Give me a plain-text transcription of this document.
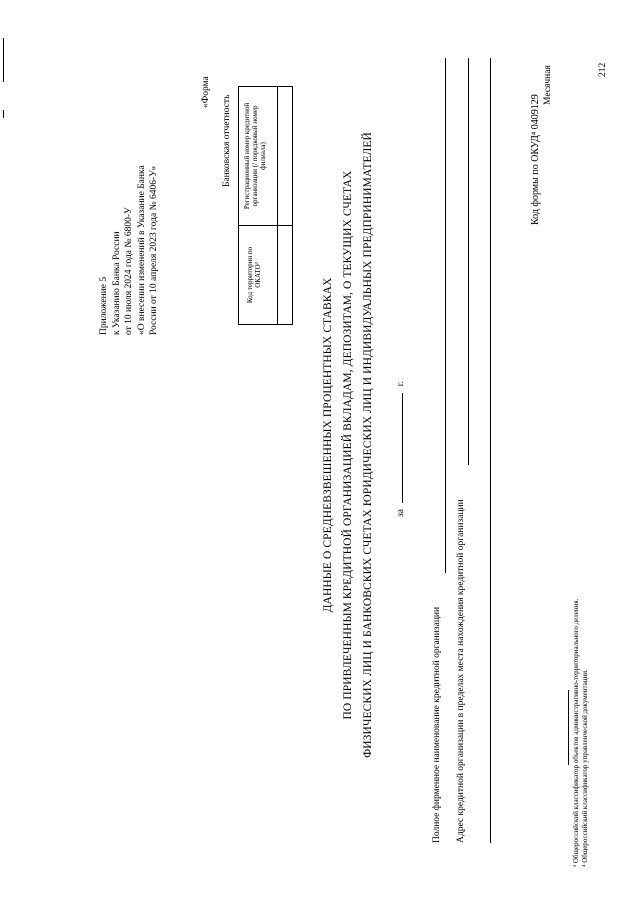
Приложение 5 к Указанию Банка России от 10 июля 2024 года № 6800-У «О внесении изменений в Указание Банка России от 10 апреля 2023 года № 6406-У»
«Форма
Банковская отчетность
Код территории по ОКАТО³
Регистрационный номер кредитной организации (/ порядковый номер филиала)
ДАННЫЕ О СРЕДНЕВЗВЕШЕННЫХ ПРОЦЕНТНЫХ СТАВКАХ ПО ПРИВЛЕЧЕННЫМ КРЕДИТНОЙ ОРГАНИЗАЦИЕЙ ВКЛАДАМ, ДЕПОЗИТАМ, О ТЕКУЩИХ СЧЕТАХ ФИЗИЧЕСКИХ ЛИЦ И БАНКОВСКИХ СЧЕТАХ ЮРИДИЧЕСКИХ ЛИЦ И ИНДИВИДУАЛЬНЫХ ПРЕДПРИНИМАТЕЛЕЙ	за  г.
Полное фирменное наименование кредитной организации Адрес кредитной организации в пределах места нахождения кредитной организации
Код формы по ОКУД⁴ 0409129
Месячная
³ Общероссийский классификатор объектов административно-территориального деления. ⁴ Общероссийский классификатор управленческой документации.
212
